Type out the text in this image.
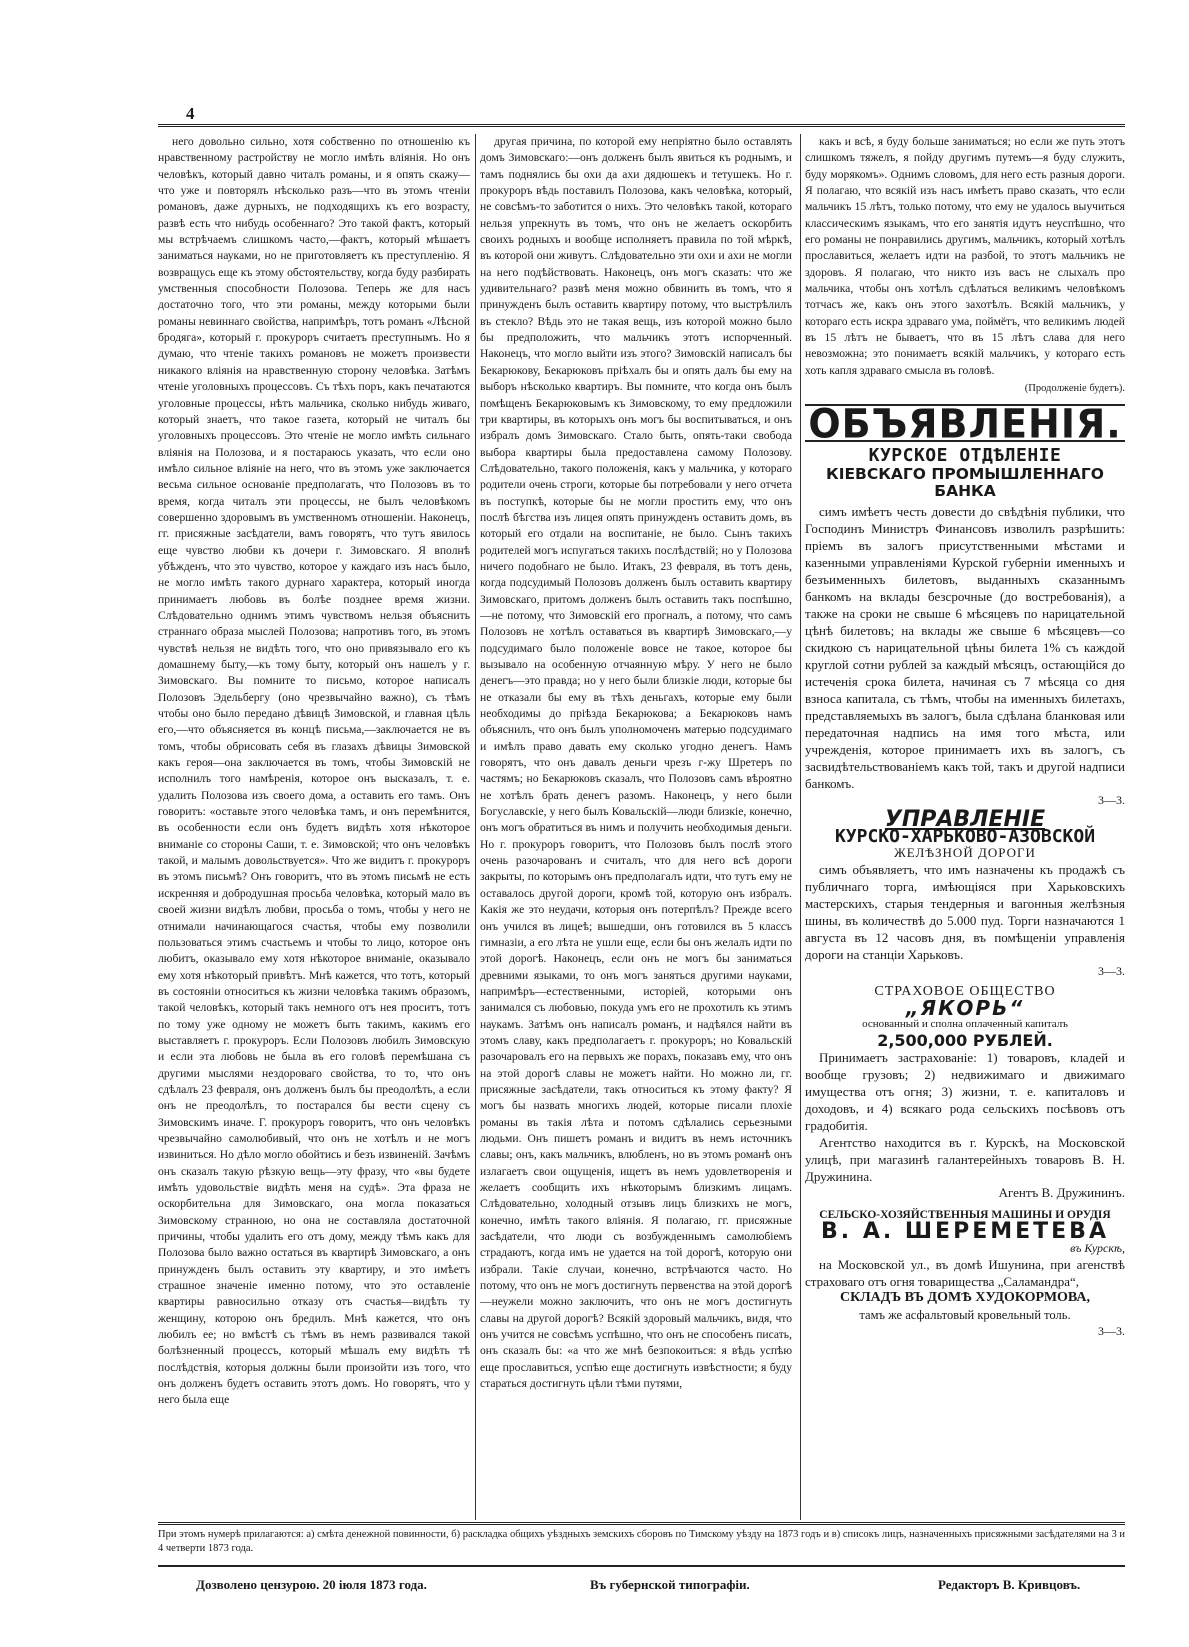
4

него довольно сильно, хотя собственно по отношенію къ нравственному растройству не могло имѣть вліянія. Но онъ человѣкъ, который давно читалъ романы, и я опять скажу—что уже и повторялъ нѣсколько разъ—что въ этомъ чтеніи романовъ, даже дурныхъ, не подходящихъ къ его возрасту, развѣ есть что нибудь особеннаго? Это такой фактъ, который мы встрѣчаемъ слишкомъ часто,—фактъ, который мѣшаетъ заниматься науками, но не приготовляетъ къ преступленію. Я возвращусь еще къ этому обстоятельству, когда буду разбирать умственныя способности Полозова. Теперь же для насъ достаточно того, что эти романы, между которыми были романы невиннаго свойства, напримѣръ, тотъ романъ «Лѣсной бродяга», который г. прокуроръ считаетъ преступнымъ. Но я думаю, что чтеніе такихъ романовъ не можетъ произвести никакого вліянія на нравственную сторону человѣка. Затѣмъ чтеніе уголовныхъ процессовъ. Съ тѣхъ поръ, какъ печатаются уголовные процессы, нѣтъ мальчика, сколько нибудь живаго, который знаетъ, что такое газета, который не читалъ бы уголовныхъ процессовъ. Это чтеніе не могло имѣть сильнаго вліянія на Полозова, и я постараюсь указать, что если оно имѣло сильное вліяніе на него, что въ этомъ уже заключается весьма сильное основаніе предполагать, что Полозовъ въ то время, когда читалъ эти процессы, не былъ человѣкомъ совершенно здоровымъ въ умственномъ отношеніи. Наконецъ, гг. присяжные засѣдатели, вамъ говорятъ, что тутъ явилось еще чувство любви къ дочери г. Зимовскаго. Я вполнѣ убѣжденъ, что это чувство, которое у каждаго изъ насъ было, не могло имѣть такого дурнаго характера, который иногда принимаетъ любовь въ болѣе позднее время жизни. Слѣдовательно однимъ этимъ чувствомъ нельзя объяснить страннаго образа мыслей Полозова; напротивъ того, въ этомъ чувствѣ нельзя не видѣть того, что оно привязывало его къ домашнему быту,—къ тому быту, который онъ нашелъ у г. Зимовскаго. Вы помните то письмо, которое написалъ Полозовъ Эдельбергу (оно чрезвычайно важно), съ тѣмъ чтобы оно было передано дѣвицѣ Зимовской, и главная цѣль его,—что объясняется въ концѣ письма,—заключается не въ томъ, чтобы обрисовать себя въ глазахъ дѣвицы Зимовской какъ героя—она заключается въ томъ, чтобы Зимовскій не исполнилъ того намѣренія, которое онъ высказалъ, т. е. удалить Полозова изъ своего дома, а оставить его тамъ. Онъ говоритъ: «оставьте этого человѣка тамъ, и онъ перемѣнится, въ особенности если онъ будетъ видѣть хотя нѣкоторое вниманіе со стороны Саши, т. е. Зимовской; что онъ человѣкъ такой, и малымъ довольствуется». Что же видитъ г. прокуроръ въ этомъ письмѣ? Онъ говоритъ, что въ этомъ письмѣ не есть искренняя и добродушная просьба человѣка, который мало въ своей жизни видѣлъ любви, просьба о томъ, чтобы у него не отнимали начинающагося счастья, чтобы ему позволили пользоваться этимъ счастьемъ и чтобы то лицо, которое онъ любитъ, оказывало ему хотя нѣкоторое вниманіе, оказывало ему хотя нѣкоторый привѣтъ. Мнѣ кажется, что тотъ, который въ состояніи относиться къ жизни человѣка такимъ образомъ, такой человѣкъ, который такъ немного отъ нея проситъ, тотъ по тому уже одному не можетъ быть такимъ, какимъ его выставляетъ г. прокуроръ. Если Полозовъ любилъ Зимовскую и если эта любовь не была въ его головѣ перемѣшана съ другими мыслями нездороваго свойства, то то, что онъ сдѣлалъ 23 февраля, онъ долженъ былъ бы преодолѣть, а если онъ не преодолѣлъ, то постарался бы вести сцену съ Зимовскимъ иначе. Г. прокуроръ говоритъ, что онъ человѣкъ чрезвычайно самолюбивый, что онъ не хотѣлъ и не могъ извиниться. Но дѣло могло обойтись и безъ извиненій. Зачѣмъ онъ сказалъ такую рѣзкую вещь—эту фразу, что «вы будете имѣть удовольствіе видѣть меня на судѣ». Эта фраза не оскорбительна для Зимовскаго, она могла показаться Зимовскому странною, но она не составляла достаточной причины, чтобы удалить его отъ дому, между тѣмъ какъ для Полозова было важно остаться въ квартирѣ Зимовскаго, а онъ принужденъ былъ оставить эту квартиру, и это имѣетъ страшное значеніе именно потому, что это оставленіе квартиры равносильно отказу отъ счастья—видѣть ту женщину, которою онъ бредилъ. Мнѣ кажется, что онъ любилъ ее; но вмѣстѣ съ тѣмъ въ немъ развивался такой болѣзненный процессъ, который мѣшалъ ему видѣть тѣ послѣдствія, которыя должны были произойти изъ того, что онъ долженъ будетъ оставить этотъ домъ. Но говорятъ, что у него была еще

другая причина, по которой ему непріятно было оставлять домъ Зимовскаго:—онъ долженъ былъ явиться къ роднымъ, и тамъ поднялись бы охи да ахи дядюшекъ и тетушекъ. Но г. прокуроръ вѣдь поставилъ Полозова, какъ человѣка, который, не совсѣмъ-то заботится о нихъ. Это человѣкъ такой, котораго нельзя упрекнуть въ томъ, что онъ не желаетъ оскорбить своихъ родныхъ и вообще исполняетъ правила по той мѣркѣ, въ которой они живутъ. Слѣдовательно эти охи и ахи не могли на него подѣйствовать. Наконецъ, онъ могъ сказать: что же удивительнаго? развѣ меня можно обвинить въ томъ, что я принужденъ былъ оставить квартиру потому, что выстрѣлилъ въ стекло? Вѣдь это не такая вещь, изъ которой можно было бы предположить, что мальчикъ этотъ испорченный. Наконецъ, что могло выйти изъ этого? Зимовскій написалъ бы Бекарюкову, Бекарюковъ пріѣхалъ бы и опять далъ бы ему на выборъ нѣсколько квартиръ. Вы помните, что когда онъ былъ помѣщенъ Бекарюковымъ къ Зимовскому, то ему предложили три квартиры, въ которыхъ онъ могъ бы воспитываться, и онъ избралъ домъ Зимовскаго. Стало быть, опять-таки свобода выбора квартиры была предоставлена самому Полозову. Слѣдовательно, такого положенія, какъ у мальчика, у котораго родители очень строги, которые бы потребовали у него отчета въ поступкѣ, которые бы не могли простить ему, что онъ послѣ бѣгства изъ лицея опять принужденъ оставить домъ, въ который его отдали на воспитаніе, не было. Сынъ такихъ родителей могъ испугаться такихъ послѣдствій; но у Полозова ничего подобнаго не было. Итакъ, 23 февраля, въ тотъ день, когда подсудимый Полозовъ долженъ былъ оставить квартиру Зимовскаго, притомъ долженъ былъ оставить такъ поспѣшно,—не потому, что Зимовскій его прогналъ, а потому, что самъ Полозовъ не хотѣлъ оставаться въ квартирѣ Зимовскаго,—у подсудимаго было положеніе вовсе не такое, которое бы вызывало на особенную отчаянную мѣру. У него не было денегъ—это правда; но у него были близкіе люди, которые бы не отказали бы ему въ тѣхъ деньгахъ, которые ему были необходимы до пріѣзда Бекарюкова; а Бекарюковъ намъ объяснилъ, что онъ былъ уполномоченъ матерью подсудимаго и имѣлъ право давать ему сколько угодно денегъ. Намъ говорятъ, что онъ давалъ деньги чрезъ г-жу Шретеръ по частямъ; но Бекарюковъ сказалъ, что Полозовъ самъ вѣроятно не хотѣлъ брать денегъ разомъ. Наконецъ, у него были Богуславскіе, у него былъ Ковальскій—люди близкіе, конечно, онъ могъ обратиться въ нимъ и получить необходимыя деньги. Но г. прокуроръ говоритъ, что Полозовъ былъ послѣ этого очень разочарованъ и считалъ, что для него всѣ дороги закрыты, по которымъ онъ предполагалъ идти, что тутъ ему не оставалось другой дороги, кромѣ той, которую онъ избралъ. Какія же это неудачи, которыя онъ потерпѣлъ? Прежде всего онъ учился въ лицеѣ; вышедши, онъ готовился въ 5 классъ гимназіи, а его лѣта не ушли еще, если бы онъ желалъ идти по этой дорогѣ. Наконецъ, если онъ не могъ бы заниматься древними языками, то онъ могъ заняться другими науками, напримѣръ—естественными, исторіей, которыми онъ занимался съ любовью, покуда умъ его не прохотилъ къ этимъ наукамъ. Затѣмъ онъ написалъ романъ, и надѣялся найти въ этомъ славу, какъ предполагаетъ г. прокуроръ; но Ковальскій разочаровалъ его на первыхъ же порахъ, показавъ ему, что онъ на этой дорогѣ славы не можетъ найти. Но можно ли, гг. присяжные засѣдатели, такъ относиться къ этому факту? Я могъ бы назвать многихъ людей, которые писали плохіе романы въ такія лѣта и потомъ сдѣлались серьезными людьми. Онъ пишетъ романъ и видитъ въ немъ источникъ славы; онъ, какъ мальчикъ, влюбленъ, но въ этомъ романѣ онъ излагаетъ свои ощущенія, ищетъ въ немъ удовлетворенія и желаетъ сообщить ихъ нѣкоторымъ близкимъ лицамъ. Слѣдовательно, холодный отзывъ лицъ близкихъ не могъ, конечно, имѣть такого вліянія. Я полагаю, гг. присяжные засѣдатели, что люди съ возбужденнымъ самолюбіемъ страдаютъ, когда имъ не удается на той дорогѣ, которую они избрали. Такіе случаи, конечно, встрѣчаются часто. Но потому, что онъ не могъ достигнуть первенства на этой дорогѣ—неужели можно заключить, что онъ не могъ достигнуть славы на другой дорогѣ? Всякій здоровый мальчикъ, видя, что онъ учится не совсѣмъ успѣшно, что онъ не способенъ писать, онъ сказалъ бы: «а что же мнѣ безпокоиться: я вѣдь успѣю еще прославиться, успѣю еще достигнуть извѣстности; я буду стараться достигнуть цѣли тѣми путями,

какъ и всѣ, я буду больше заниматься; но если же путь этотъ слишкомъ тяжелъ, я пойду другимъ путемъ—я буду служить, буду морякомъ». Однимъ словомъ, для него есть разныя дороги. Я полагаю, что всякій изъ насъ имѣетъ право сказать, что если мальчикъ 15 лѣтъ, только потому, что ему не удалось выучиться классическимъ языкамъ, что его занятія идутъ неуспѣшно, что его романы не понравились другимъ, мальчикъ, который хотѣлъ прославиться, желаетъ идти на разбой, то этотъ мальчикъ не здоровъ. Я полагаю, что никто изъ васъ не слыхалъ про мальчика, чтобы онъ хотѣлъ сдѣлаться великимъ человѣкомъ тотчасъ же, какъ онъ этого захотѣлъ. Всякій мальчикъ, у котораго есть искра здраваго ума, поймётъ, что великимъ людей въ 15 лѣтъ не бываетъ, что въ 15 лѣтъ слава для него невозможна; это понимаетъ всякій мальчикъ, у котораго есть хоть капля здраваго смысла въ головѣ.

(Продолженіе будетъ).
ОБЪЯВЛЕНІЯ.
КУРСКОЕ ОТДѢЛЕНІЕ
КІЕВСКАГО ПРОМЫШЛЕННАГО БАНКА

симъ имѣетъ честь довести до свѣдѣнія публики, что Господинъ Министръ Финансовъ изволилъ разрѣшить: пріемъ въ залогъ присутственными мѣстами и казенными управленіями Курской губерніи именныхъ и безъименныхъ билетовъ, выданныхъ сказаннымъ банкомъ на вклады безсрочные (до востребованія), а также на сроки не свыше 6 мѣсяцевъ по нарицательной цѣнѣ билетовъ; на вклады же свыше 6 мѣсяцевъ—со скидкою съ нарицательной цѣны билета 1% съ каждой круглой сотни рублей за каждый мѣсяцъ, остающійся до истеченія срока билета, начиная съ 7 мѣсяца со дня взноса капитала, съ тѣмъ, чтобы на именныхъ билетахъ, представляемыхъ въ залогъ, была сдѣлана бланковая или передаточная надпись на имя того мѣста, или учрежденія, которое принимаетъ ихъ въ залогъ, съ засвидѣтельствованіемъ какъ той, такъ и другой надписи банкомъ.

3—3.
УПРАВЛЕНІЕ
КУРСКО-ХАРЬКОВО-АЗОВСКОЙ
ЖЕЛѢЗНОЙ ДОРОГИ

симъ объявляетъ, что имъ назначены къ продажѣ съ публичнаго торга, имѣющіяся при Харьковскихъ мастерскихъ, старыя тендерныя и вагонныя желѣзныя шины, въ количествѣ до 5.000 пуд. Торги назначаются 1 августа въ 12 часовъ дня, въ помѣщеніи управленія дороги на станціи Харьковъ.

3—3.
СТРАХОВОЕ ОБЩЕСТВО
„ЯКОРЬ“
основанный и сполна оплаченный капиталъ
2,500,000 РУБЛЕЙ.

Принимаетъ застрахованіе: 1) товаровъ, кладей и вообще грузовъ; 2) недвижимаго и движимаго имущества отъ огня; 3) жизни, т. е. капиталовъ и доходовъ, и 4) всякаго рода сельскихъ посѣвовъ отъ градобитія.

Агентство находится въ г. Курскѣ, на Московской улицѣ, при магазинѣ галантерейныхъ товаровъ В. Н. Дружинина.

Агентъ В. Дружининъ.
СЕЛЬСКО-ХОЗЯЙСТВЕННЫЯ МАШИНЫ И ОРУДІЯ
В. А. ШЕРЕМЕТЕВА
въ Курскѣ,

на Московской ул., въ домѣ Ишунина, при агенствѣ страховаго отъ огня товарищества „Саламандра“,

СКЛАДЪ ВЪ ДОМѢ ХУДОКОРМОВА,
тамъ же асфальтовый кровельный толь.
3—3.
При этомъ нумерѣ прилагаются: а) смѣта денежной повинности, б) раскладка общихъ уѣздныхъ земскихъ сборовъ по Тимскому уѣзду на 1873 годъ и в) списокъ лицъ, назначенныхъ присяжными засѣдателями на 3 и 4 четверти 1873 года.
Дозволено цензурою. 20 іюля 1873 года.	Въ губернской типографіи.	Редакторъ В. Кривцовъ.
